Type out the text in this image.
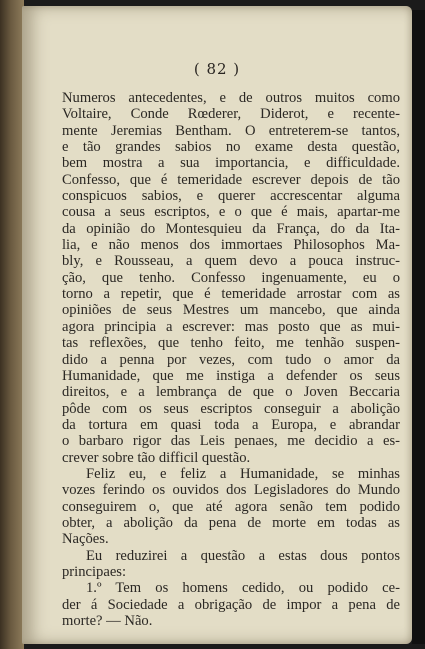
( 82 )
Numeros antecedentes, e de outros muitos como
Voltaire, Conde Rœderer, Diderot, e recente-
mente Jeremias Bentham. O entreterem-se tantos,
e tão grandes sabios no exame desta questão,
bem mostra a sua importancia, e difficuldade.
Confesso, que é temeridade escrever depois de tão
conspicuos sabios, e querer accrescentar alguma
cousa a seus escriptos, e o que é mais, apartar-me
da opinião do Montesquieu da França, do da Ita-
lia, e não menos dos immortaes Philosophos Ma-
bly, e Rousseau, a quem devo a pouca instruc-
ção, que tenho. Confesso ingenuamente, eu o
torno a repetir, que é temeridade arrostar com as
opiniões de seus Mestres um mancebo, que ainda
agora principia a escrever: mas posto que as mui-
tas reflexões, que tenho feito, me tenhão suspen-
dido a penna por vezes, com tudo o amor da
Humanidade, que me instiga a defender os seus
direitos, e a lembrança de que o Joven Beccaria
pôde com os seus escriptos conseguir a abolição
da tortura em quasi toda a Europa, e abrandar
o barbaro rigor das Leis penaes, me decidio a es-
crever sobre tão difficil questão.
Feliz eu, e feliz a Humanidade, se minhas
vozes ferindo os ouvidos dos Legisladores do Mundo
conseguirem o, que até agora senão tem podido
obter, a abolição da pena de morte em todas as
Nações.
Eu reduzirei a questão a estas dous pontos
principaes:
1.º Tem os homens cedido, ou podido ce-
der á Sociedade a obrigação de impor a pena de
morte? — Não.
